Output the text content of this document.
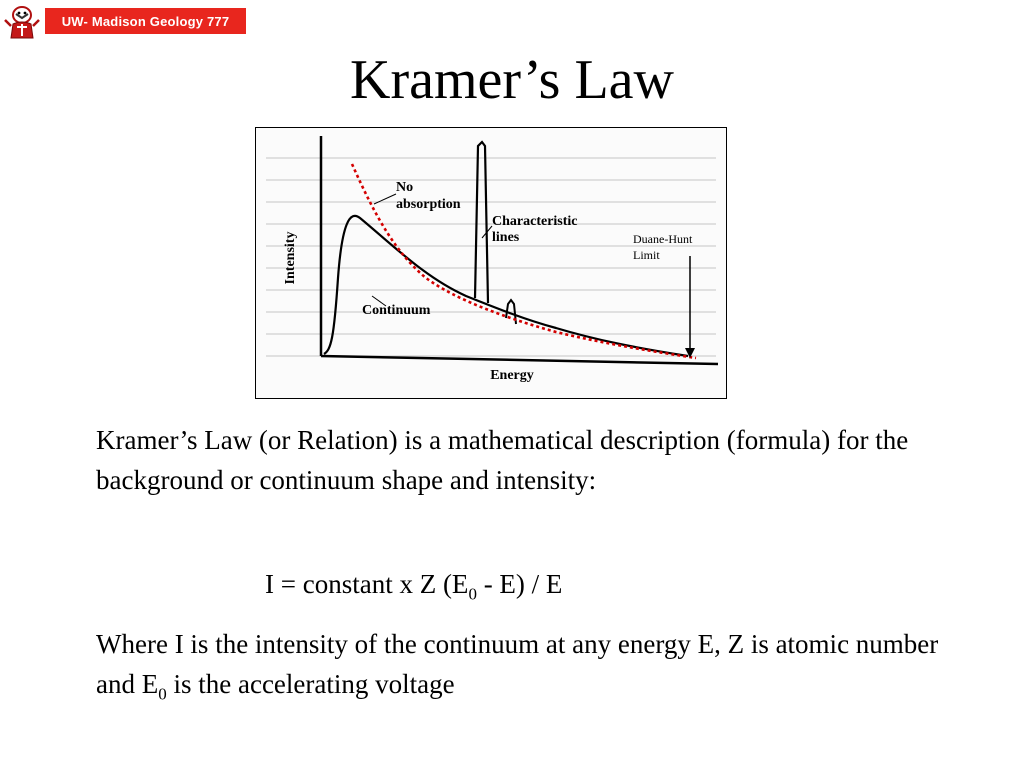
UW- Madison Geology 777
Kramer’s Law
Intensity
Energy
No
absorption
Characteristic
lines
Continuum
Duane-Hunt
Limit

Kramer’s Law (or Relation) is a mathematical description (formula) for the background or continuum shape and intensity:

I = constant x Z $(E_0 - E)$ / E

Where I is the intensity of the continuum at any energy E, Z is atomic number and $E_0$ is the accelerating voltage
